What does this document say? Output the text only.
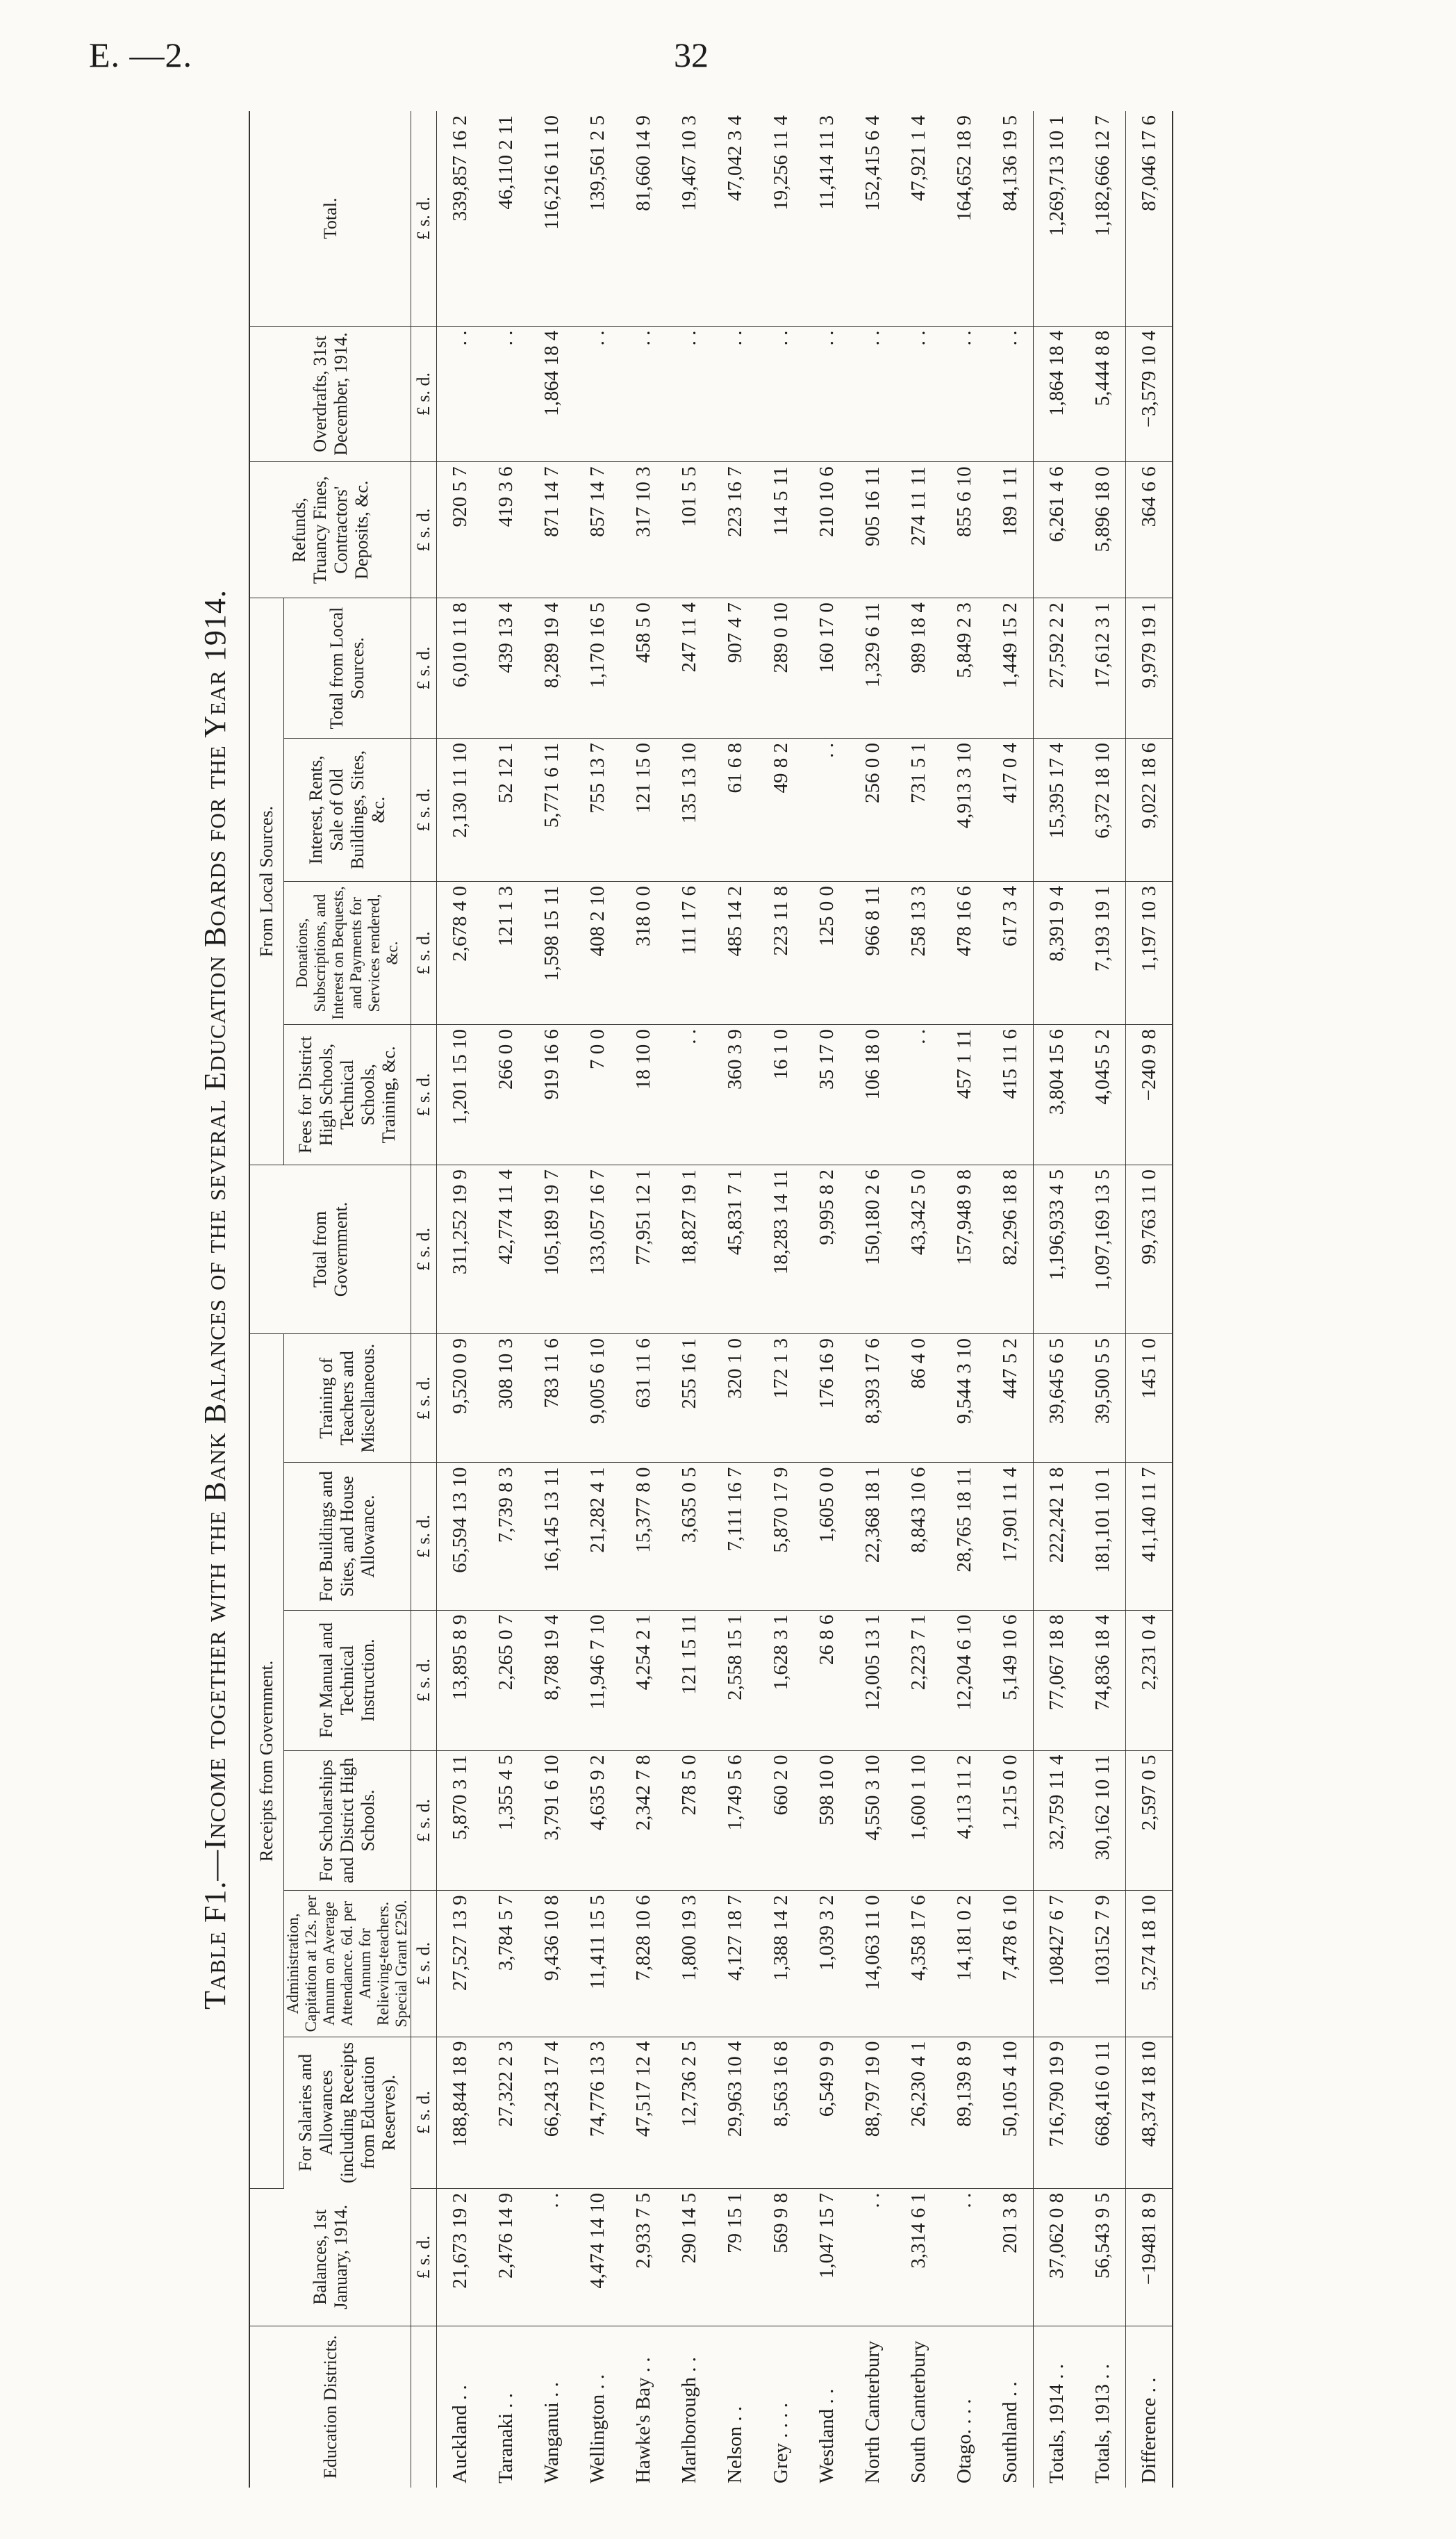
E. —2.	32
Table F1.—Income together with the Bank Balances of the several Education Boards for the Year 1914.
Education Districts.	Balances, 1st January, 1914.	Receipts from Government.						Total from Government.	From Local Sources.				Refunds, Truancy Fines, Contractors' Deposits, &c.	Overdrafts, 31st December, 1914.	Total.
		For Salaries and Allowances (including Receipts from Education Reserves).	Administration, Capitation at 12s. per Annum on Average Attendance. 6d. per Annum for Relieving-teachers. Special Grant £250.	For Scholarships and District High Schools.	For Manual and Technical Instruction.	For Buildings and Sites, and House Allowance.	Training of Teachers and Miscellaneous.		Fees for District High Schools, Technical Schools, Training, &c.	Donations, Subscriptions, and Interest on Bequests, and Payments for Services rendered, &c.	Interest, Rents, Sale of Old Buildings, Sites, &c.	Total from Local Sources.			
	£ s. d.	£ s. d.	£ s. d.	£ s. d.	£ s. d.	£ s. d.	£ s. d.	£ s. d.	£ s. d.	£ s. d.	£ s. d.	£ s. d.	£ s. d.	£ s. d.	£ s. d.
Auckland . .	21,673 19 2	188,844 18 9	27,527 13 9	5,870 3 11	13,895 8 9	65,594 13 10	9,520 0 9	311,252 19 9	1,201 15 10	2,678 4 0	2,130 11 10	6,010 11 8	920 5 7	. .	339,857 16 2
Taranaki . .	2,476 14 9	27,322 2 3	3,784 5 7	1,355 4 5	2,265 0 7	7,739 8 3	308 10 3	42,774 11 4	266 0 0	121 1 3	52 12 1	439 13 4	419 3 6	. .	46,110 2 11
Wanganui . .	. .	66,243 17 4	9,436 10 8	3,791 6 10	8,788 19 4	16,145 13 11	783 11 6	105,189 19 7	919 16 6	1,598 15 11	5,771 6 11	8,289 19 4	871 14 7	1,864 18 4	116,216 11 10
Wellington . .	4,474 14 10	74,776 13 3	11,411 15 5	4,635 9 2	11,946 7 10	21,282 4 1	9,005 6 10	133,057 16 7	7 0 0	408 2 10	755 13 7	1,170 16 5	857 14 7	. .	139,561 2 5
Hawke's Bay . .	2,933 7 5	47,517 12 4	7,828 10 6	2,342 7 8	4,254 2 1	15,377 8 0	631 11 6	77,951 12 1	18 10 0	318 0 0	121 15 0	458 5 0	317 10 3	. .	81,660 14 9
Marlborough . .	290 14 5	12,736 2 5	1,800 19 3	278 5 0	121 15 11	3,635 0 5	255 16 1	18,827 19 1	. .	111 17 6	135 13 10	247 11 4	101 5 5	. .	19,467 10 3
Nelson . .	79 15 1	29,963 10 4	4,127 18 7	1,749 5 6	2,558 15 1	7,111 16 7	320 1 0	45,831 7 1	360 3 9	485 14 2	61 6 8	907 4 7	223 16 7	. .	47,042 3 4
Grey . . . .	569 9 8	8,563 16 8	1,388 14 2	660 2 0	1,628 3 1	5,870 17 9	172 1 3	18,283 14 11	16 1 0	223 11 8	49 8 2	289 0 10	114 5 11	. .	19,256 11 4
Westland . .	1,047 15 7	6,549 9 9	1,039 3 2	598 10 0	26 8 6	1,605 0 0	176 16 9	9,995 8 2	35 17 0	125 0 0	. .	160 17 0	210 10 6	. .	11,414 11 3
North Canterbury	. .	88,797 19 0	14,063 11 0	4,550 3 10	12,005 13 1	22,368 18 1	8,393 17 6	150,180 2 6	106 18 0	966 8 11	256 0 0	1,329 6 11	905 16 11	. .	152,415 6 4
South Canterbury	3,314 6 1	26,230 4 1	4,358 17 6	1,600 1 10	2,223 7 1	8,843 10 6	86 4 0	43,342 5 0	. .	258 13 3	731 5 1	989 18 4	274 11 11	. .	47,921 1 4
Otago. . . .	. .	89,139 8 9	14,181 0 2	4,113 11 2	12,204 6 10	28,765 18 11	9,544 3 10	157,948 9 8	457 1 11	478 16 6	4,913 3 10	5,849 2 3	855 6 10	. .	164,652 18 9
Southland . .	201 3 8	50,105 4 10	7,478 6 10	1,215 0 0	5,149 10 6	17,901 11 4	447 5 2	82,296 18 8	415 11 6	617 3 4	417 0 4	1,449 15 2	189 1 11	. .	84,136 19 5
Totals, 1914 . .	37,062 0 8	716,790 19 9	108427 6 7	32,759 11 4	77,067 18 8	222,242 1 8	39,645 6 5	1,196,933 4 5	3,804 15 6	8,391 9 4	15,395 17 4	27,592 2 2	6,261 4 6	1,864 18 4	1,269,713 10 1
Totals, 1913 . .	56,543 9 5	668,416 0 11	103152 7 9	30,162 10 11	74,836 18 4	181,101 10 1	39,500 5 5	1,097,169 13 5	4,045 5 2	7,193 19 1	6,372 18 10	17,612 3 1	5,896 18 0	5,444 8 8	1,182,666 12 7
Difference . .	−19481 8 9	48,374 18 10	5,274 18 10	2,597 0 5	2,231 0 4	41,140 11 7	145 1 0	99,763 11 0	−240 9 8	1,197 10 3	9,022 18 6	9,979 19 1	364 6 6	−3,579 10 4	87,046 17 6
